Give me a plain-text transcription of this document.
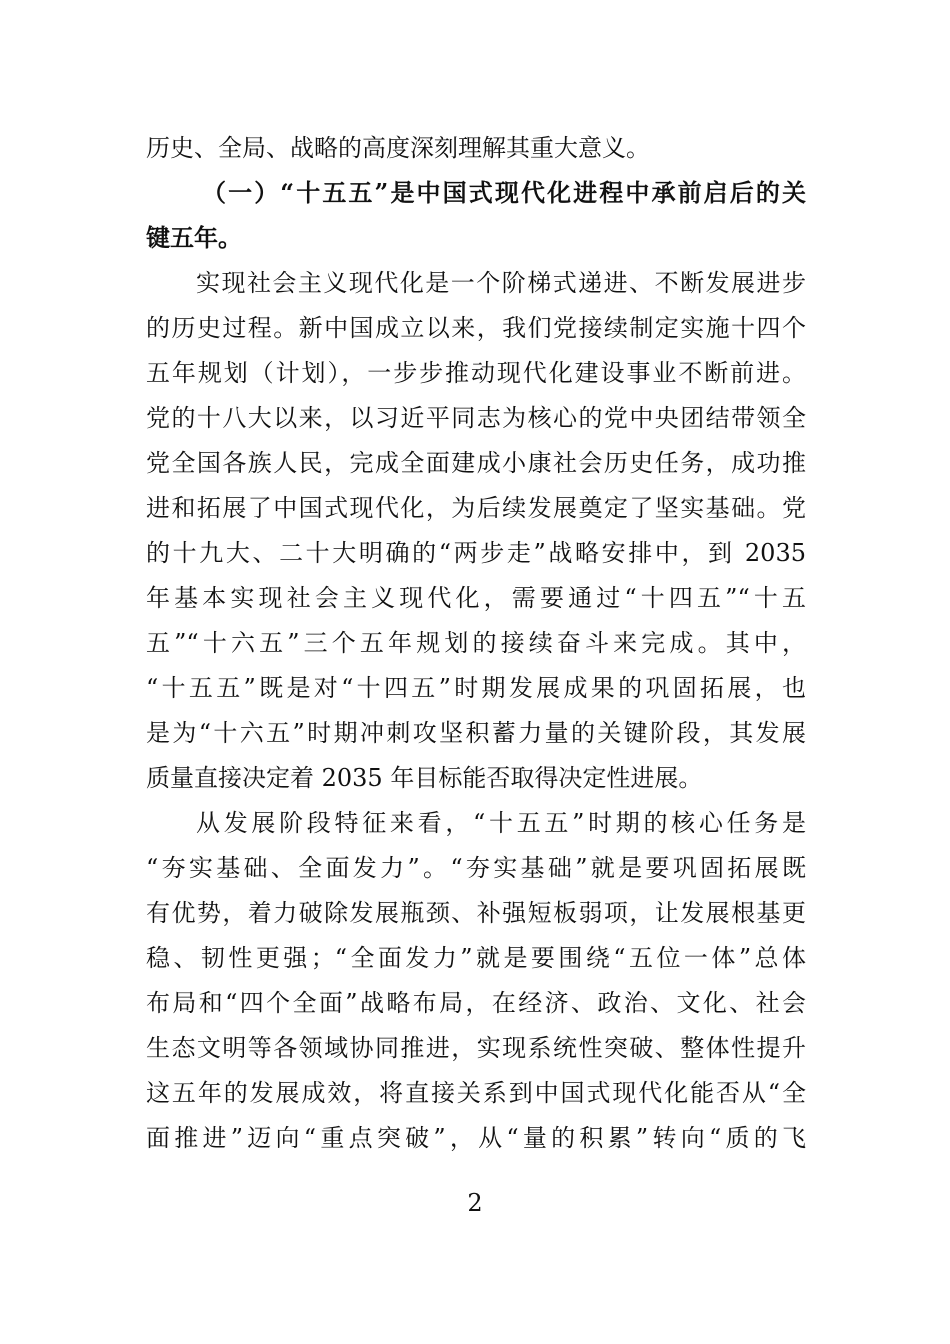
历史、全局、战略的高度深刻理解其重大意义。
（一）“十五五”是中国式现代化进程中承前启后的关
键五年。
实现社会主义现代化是一个阶梯式递进、不断发展进步
的历史过程。新中国成立以来，我们党接续制定实施十四个
五年规划（计划），一步步推动现代化建设事业不断前进。
党的十八大以来，以习近平同志为核心的党中央团结带领全
党全国各族人民，完成全面建成小康社会历史任务，成功推
进和拓展了中国式现代化，为后续发展奠定了坚实基础。党
的十九大、二十大明确的“两步走”战略安排中，到 2035
年基本实现社会主义现代化，需要通过“十四五”“十五
五”“十六五”三个五年规划的接续奋斗来完成。其中，
“十五五”既是对“十四五”时期发展成果的巩固拓展，也
是为“十六五”时期冲刺攻坚积蓄力量的关键阶段，其发展
质量直接决定着 2035 年目标能否取得决定性进展。
从发展阶段特征来看，“十五五”时期的核心任务是
“夯实基础、全面发力”。“夯实基础”就是要巩固拓展既
有优势，着力破除发展瓶颈、补强短板弱项，让发展根基更
稳、韧性更强；“全面发力”就是要围绕“五位一体”总体
布局和“四个全面”战略布局，在经济、政治、文化、社会
生态文明等各领域协同推进，实现系统性突破、整体性提升
这五年的发展成效，将直接关系到中国式现代化能否从“全
面推进”迈向“重点突破”，从“量的积累”转向“质的飞
2
